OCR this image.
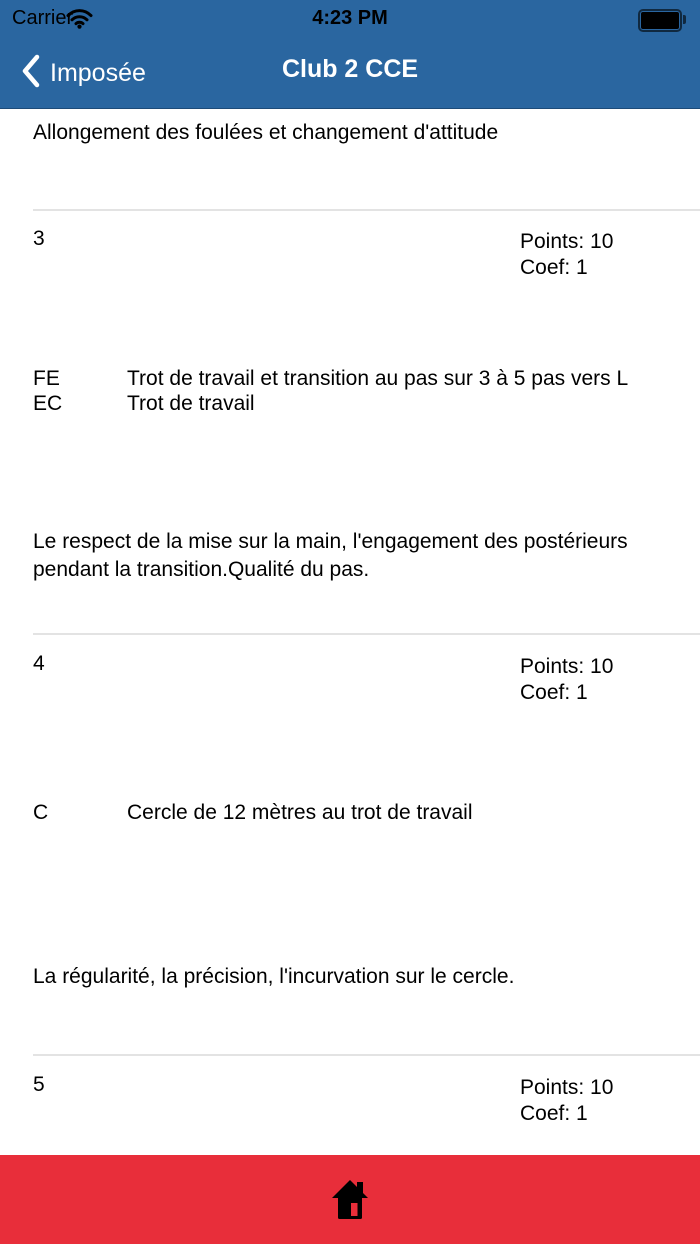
Carrier	4:23 PM
Imposée	Club 2 CCE
Allongement des foulées et changement d'attitude
3	Points: 10
Coef: 1
FE	Trot de travail et transition au pas sur 3 à 5 pas vers L
EC	Trot de travail
Le respect de la mise sur la main, l'engagement des postérieurs pendant la transition.Qualité du pas.
4	Points: 10
Coef: 1
C	Cercle de 12 mètres au trot de travail
La régularité, la précision, l'incurvation sur le cercle.
5	Points: 10
Coef: 1
